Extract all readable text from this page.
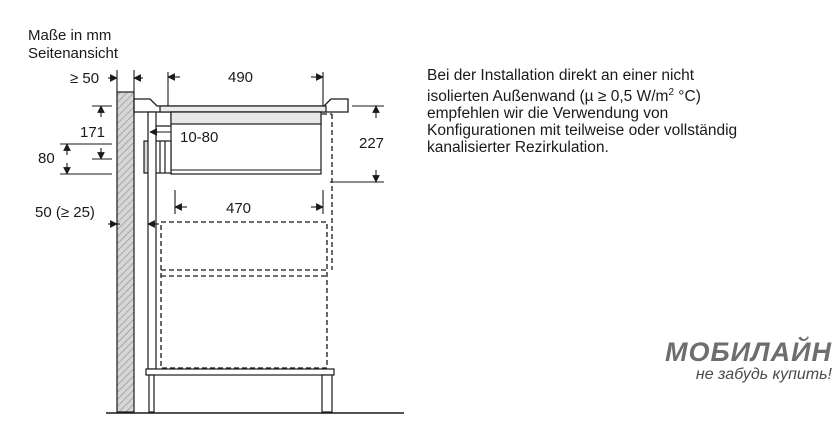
Maße in mm
Seitenansicht
≥ 50	490
171	10-80	227
80
470
50 (≥ 25)
Bei der Installation direkt an einer nicht
isolierten Außenwand (µ ≥ 0,5 $W/m^2$ °C)
empfehlen wir die Verwendung von
Konfigurationen mit teilweise oder vollständig
kanalisierter Rezirkulation.
МОБИЛАЙН
не забудь купить!
